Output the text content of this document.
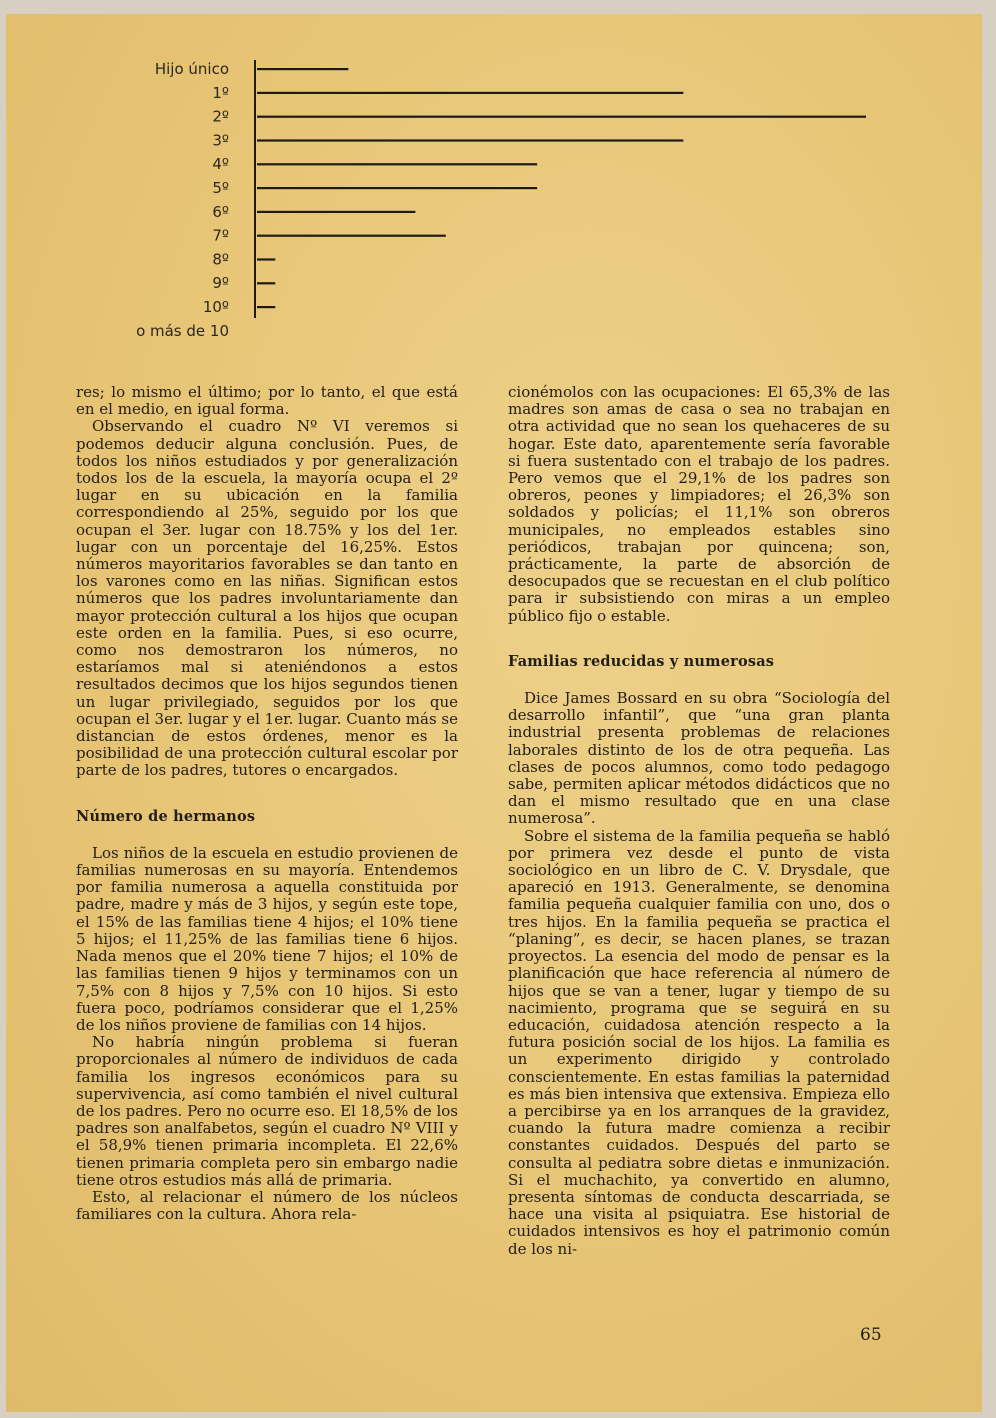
Hijo único
1º
2º
3º
4º
5º
6º
7º
8º
9º
10º
o más de 10

res; lo mismo el último; por lo tanto, el que está en el medio, en igual forma.

Observando el cuadro Nº VI veremos si podemos deducir alguna conclusión. Pues, de todos los niños estudiados y por generalización todos los de la escuela, la mayoría ocupa el 2º lugar en su ubicación en la familia correspondiendo al 25%, seguido por los que ocupan el 3er. lugar con 18.75% y los del 1er. lugar con un porcentaje del 16,25%. Estos números mayoritarios favorables se dan tanto en los varones como en las niñas. Significan estos números que los padres involuntariamente dan mayor protección cultural a los hijos que ocupan este orden en la familia. Pues, si eso ocurre, como nos demostraron los números, no estaríamos mal si ateniéndonos a estos resultados decimos que los hijos segundos tienen un lugar privilegiado, seguidos por los que ocupan el 3er. lugar y el 1er. lugar. Cuanto más se distancian de estos órdenes, menor es la posibilidad de una protección cultural escolar por parte de los padres, tutores o encargados.

Número de hermanos

Los niños de la escuela en estudio provienen de familias numerosas en su mayoría. Entendemos por familia numerosa a aquella constituida por padre, madre y más de 3 hijos, y según este tope, el 15% de las familias tiene 4 hijos; el 10% tiene 5 hijos; el 11,25% de las familias tiene 6 hijos. Nada menos que el 20% tiene 7 hijos; el 10% de las familias tienen 9 hijos y terminamos con un 7,5% con 8 hijos y 7,5% con 10 hijos. Si esto fuera poco, podríamos considerar que el 1,25% de los niños proviene de familias con 14 hijos.

No habría ningún problema si fueran proporcionales al número de individuos de cada familia los ingresos económicos para su supervivencia, así como también el nivel cultural de los padres. Pero no ocurre eso. El 18,5% de los padres son analfabetos, según el cuadro Nº VIII y el 58,9% tienen primaria incompleta. El 22,6% tienen primaria completa pero sin embargo nadie tiene otros estudios más allá de primaria.

Esto, al relacionar el número de los núcleos familiares con la cultura. Ahora rela-

cionémolos con las ocupaciones: El 65,3% de las madres son amas de casa o sea no trabajan en otra actividad que no sean los quehaceres de su hogar. Este dato, aparentemente sería favorable si fuera sustentado con el trabajo de los padres. Pero vemos que el 29,1% de los padres son obreros, peones y limpiadores; el 26,3% son soldados y policías; el 11,1% son obreros municipales, no empleados estables sino periódicos, trabajan por quincena; son, prácticamente, la parte de absorción de desocupados que se recuestan en el club político para ir subsistiendo con miras a un empleo público fijo o estable.

Familias reducidas y numerosas

Dice James Bossard en su obra “Sociología del desarrollo infantil”, que “una gran planta industrial presenta problemas de relaciones laborales distinto de los de otra pequeña. Las clases de pocos alumnos, como todo pedagogo sabe, permiten aplicar métodos didácticos que no dan el mismo resultado que en una clase numerosa”.

Sobre el sistema de la familia pequeña se habló por primera vez desde el punto de vista sociológico en un libro de C. V. Drysdale, que apareció en 1913. Generalmente, se denomina familia pequeña cualquier familia con uno, dos o tres hijos. En la familia pequeña se practica el “planing”, es decir, se hacen planes, se trazan proyectos. La esencia del modo de pensar es la planificación que hace referencia al número de hijos que se van a tener, lugar y tiempo de su nacimiento, programa que se seguirá en su educación, cuidadosa atención respecto a la futura posición social de los hijos. La familia es un experimento dirigido y controlado conscientemente. En estas familias la paternidad es más bien intensiva que extensiva. Empieza ello a percibirse ya en los arranques de la gravidez, cuando la futura madre comienza a recibir constantes cuidados. Después del parto se consulta al pediatra sobre dietas e inmunización. Si el muchachito, ya convertido en alumno, presenta síntomas de conducta descarriada, se hace una visita al psiquiatra. Ese historial de cuidados intensivos es hoy el patrimonio común de los ni-

65
